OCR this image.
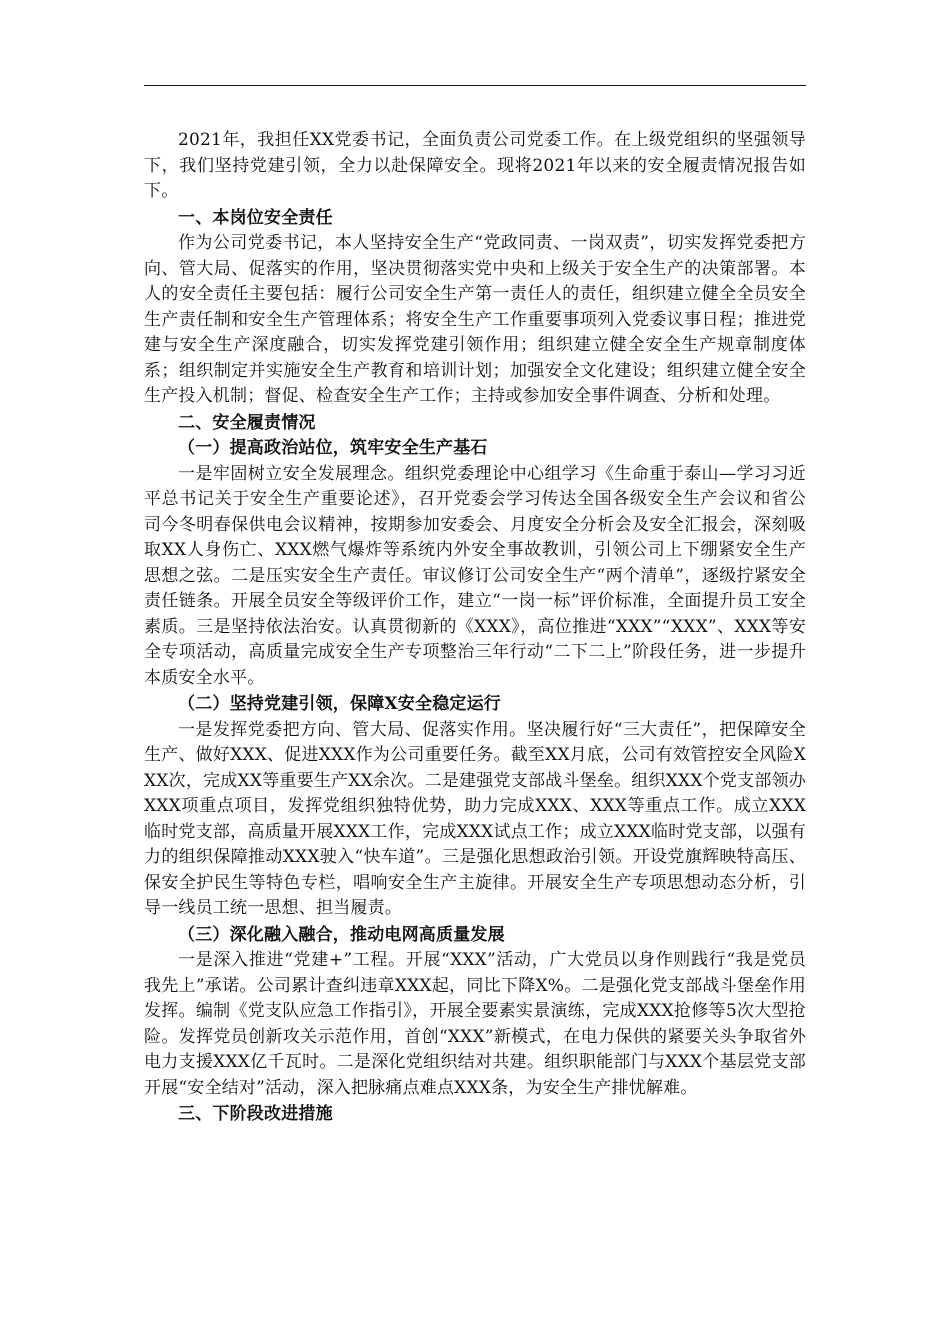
2021年，我担任XX党委书记，全面负责公司党委工作。在上级党组织的坚强领导下，我们坚持党建引领，全力以赴保障安全。现将2021年以来的安全履责情况报告如下。

一、本岗位安全责任

作为公司党委书记，本人坚持安全生产“党政同责、一岗双责”，切实发挥党委把方向、管大局、促落实的作用，坚决贯彻落实党中央和上级关于安全生产的决策部署。本人的安全责任主要包括：履行公司安全生产第一责任人的责任，组织建立健全全员安全生产责任制和安全生产管理体系；将安全生产工作重要事项列入党委议事日程；推进党建与安全生产深度融合，切实发挥党建引领作用；组织建立健全安全生产规章制度体系；组织制定并实施安全生产教育和培训计划；加强安全文化建设；组织建立健全安全生产投入机制；督促、检查安全生产工作；主持或参加安全事件调查、分析和处理。

二、安全履责情况

（一）提高政治站位，筑牢安全生产基石

一是牢固树立安全发展理念。组织党委理论中心组学习《生命重于泰山—学习习近平总书记关于安全生产重要论述》，召开党委会学习传达全国各级安全生产会议和省公司今冬明春保供电会议精神，按期参加安委会、月度安全分析会及安全汇报会，深刻吸取XX人身伤亡、XXX燃气爆炸等系统内外安全事故教训，引领公司上下绷紧安全生产思想之弦。二是压实安全生产责任。审议修订公司安全生产“两个清单”，逐级拧紧安全责任链条。开展全员安全等级评价工作，建立“一岗一标”评价标准，全面提升员工安全素质。三是坚持依法治安。认真贯彻新的《XXX》，高位推进“XXX”“XXX”、XXX等安全专项活动，高质量完成安全生产专项整治三年行动“二下二上”阶段任务，进一步提升本质安全水平。

（二）坚持党建引领，保障X安全稳定运行

一是发挥党委把方向、管大局、促落实作用。坚决履行好“三大责任”，把保障安全生产、做好XXX、促进XXX作为公司重要任务。截至XX月底，公司有效管控安全风险XXX次，完成XX等重要生产XX余次。二是建强党支部战斗堡垒。组织XXX个党支部领办XXX项重点项目，发挥党组织独特优势，助力完成XXX、XXX等重点工作。成立XXX临时党支部，高质量开展XXX工作，完成XXX试点工作；成立XXX临时党支部，以强有力的组织保障推动XXX驶入“快车道”。三是强化思想政治引领。开设党旗辉映特高压、保安全护民生等特色专栏，唱响安全生产主旋律。开展安全生产专项思想动态分析，引导一线员工统一思想、担当履责。

（三）深化融入融合，推动电网高质量发展

一是深入推进“党建+”工程。开展“XXX”活动，广大党员以身作则践行“我是党员我先上”承诺。公司累计查纠违章XXX起，同比下降X%。二是强化党支部战斗堡垒作用发挥。编制《党支队应急工作指引》，开展全要素实景演练，完成XXX抢修等5次大型抢险。发挥党员创新攻关示范作用，首创“XXX”新模式，在电力保供的紧要关头争取省外电力支援XXX亿千瓦时。二是深化党组织结对共建。组织职能部门与XXX个基层党支部开展“安全结对”活动，深入把脉痛点难点XXX条，为安全生产排忧解难。

三、下阶段改进措施
